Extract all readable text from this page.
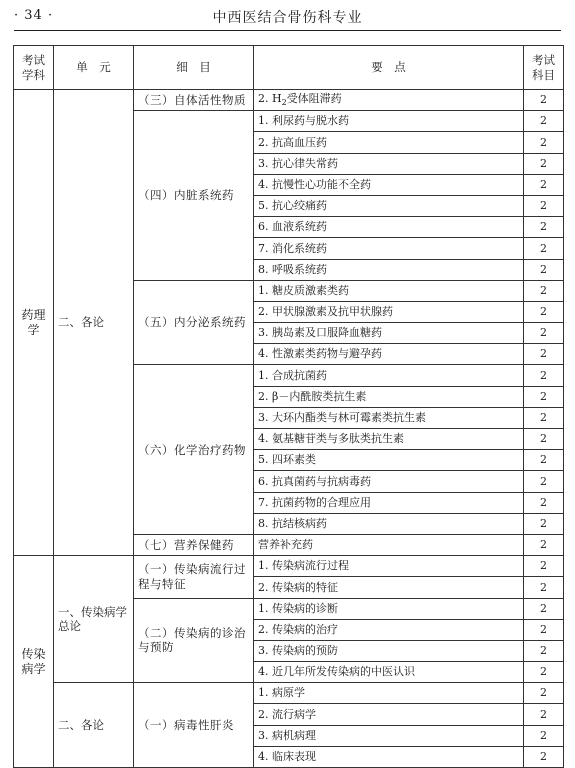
· 34 ·	中西医结合骨伤科专业
考试学科	单　元	细　目	要　点	考试科目
药理学	二、各论	（三）自体活性物质	2. $H_2$受体阻滞药	2
		（四）内脏系统药	1. 利尿药与脱水药	2
			2. 抗高血压药	2
			3. 抗心律失常药	2
			4. 抗慢性心功能不全药	2
			5. 抗心绞痛药	2
			6. 血液系统药	2
			7. 消化系统药	2
			8. 呼吸系统药	2
		（五）内分泌系统药	1. 糖皮质激素类药	2
			2. 甲状腺激素及抗甲状腺药	2
			3. 胰岛素及口服降血糖药	2
			4. 性激素类药物与避孕药	2
		（六）化学治疗药物	1. 合成抗菌药	2
			2. β－内酰胺类抗生素	2
			3. 大环内酯类与林可霉素类抗生素	2
			4. 氨基糖苷类与多肽类抗生素	2
			5. 四环素类	2
			6. 抗真菌药与抗病毒药	2
			7. 抗菌药物的合理应用	2
			8. 抗结核病药	2
		（七）营养保健药	营养补充药	2
传染病学	一、传染病学总论	（一）传染病流行过程与特征	1. 传染病流行过程	2
			2. 传染病的特征	2
		（二）传染病的诊治与预防	1. 传染病的诊断	2
			2. 传染病的治疗	2
			3. 传染病的预防	2
			4. 近几年所发传染病的中医认识	2
	二、各论	（一）病毒性肝炎	1. 病原学	2
			2. 流行病学	2
			3. 病机病理	2
			4. 临床表现	2
